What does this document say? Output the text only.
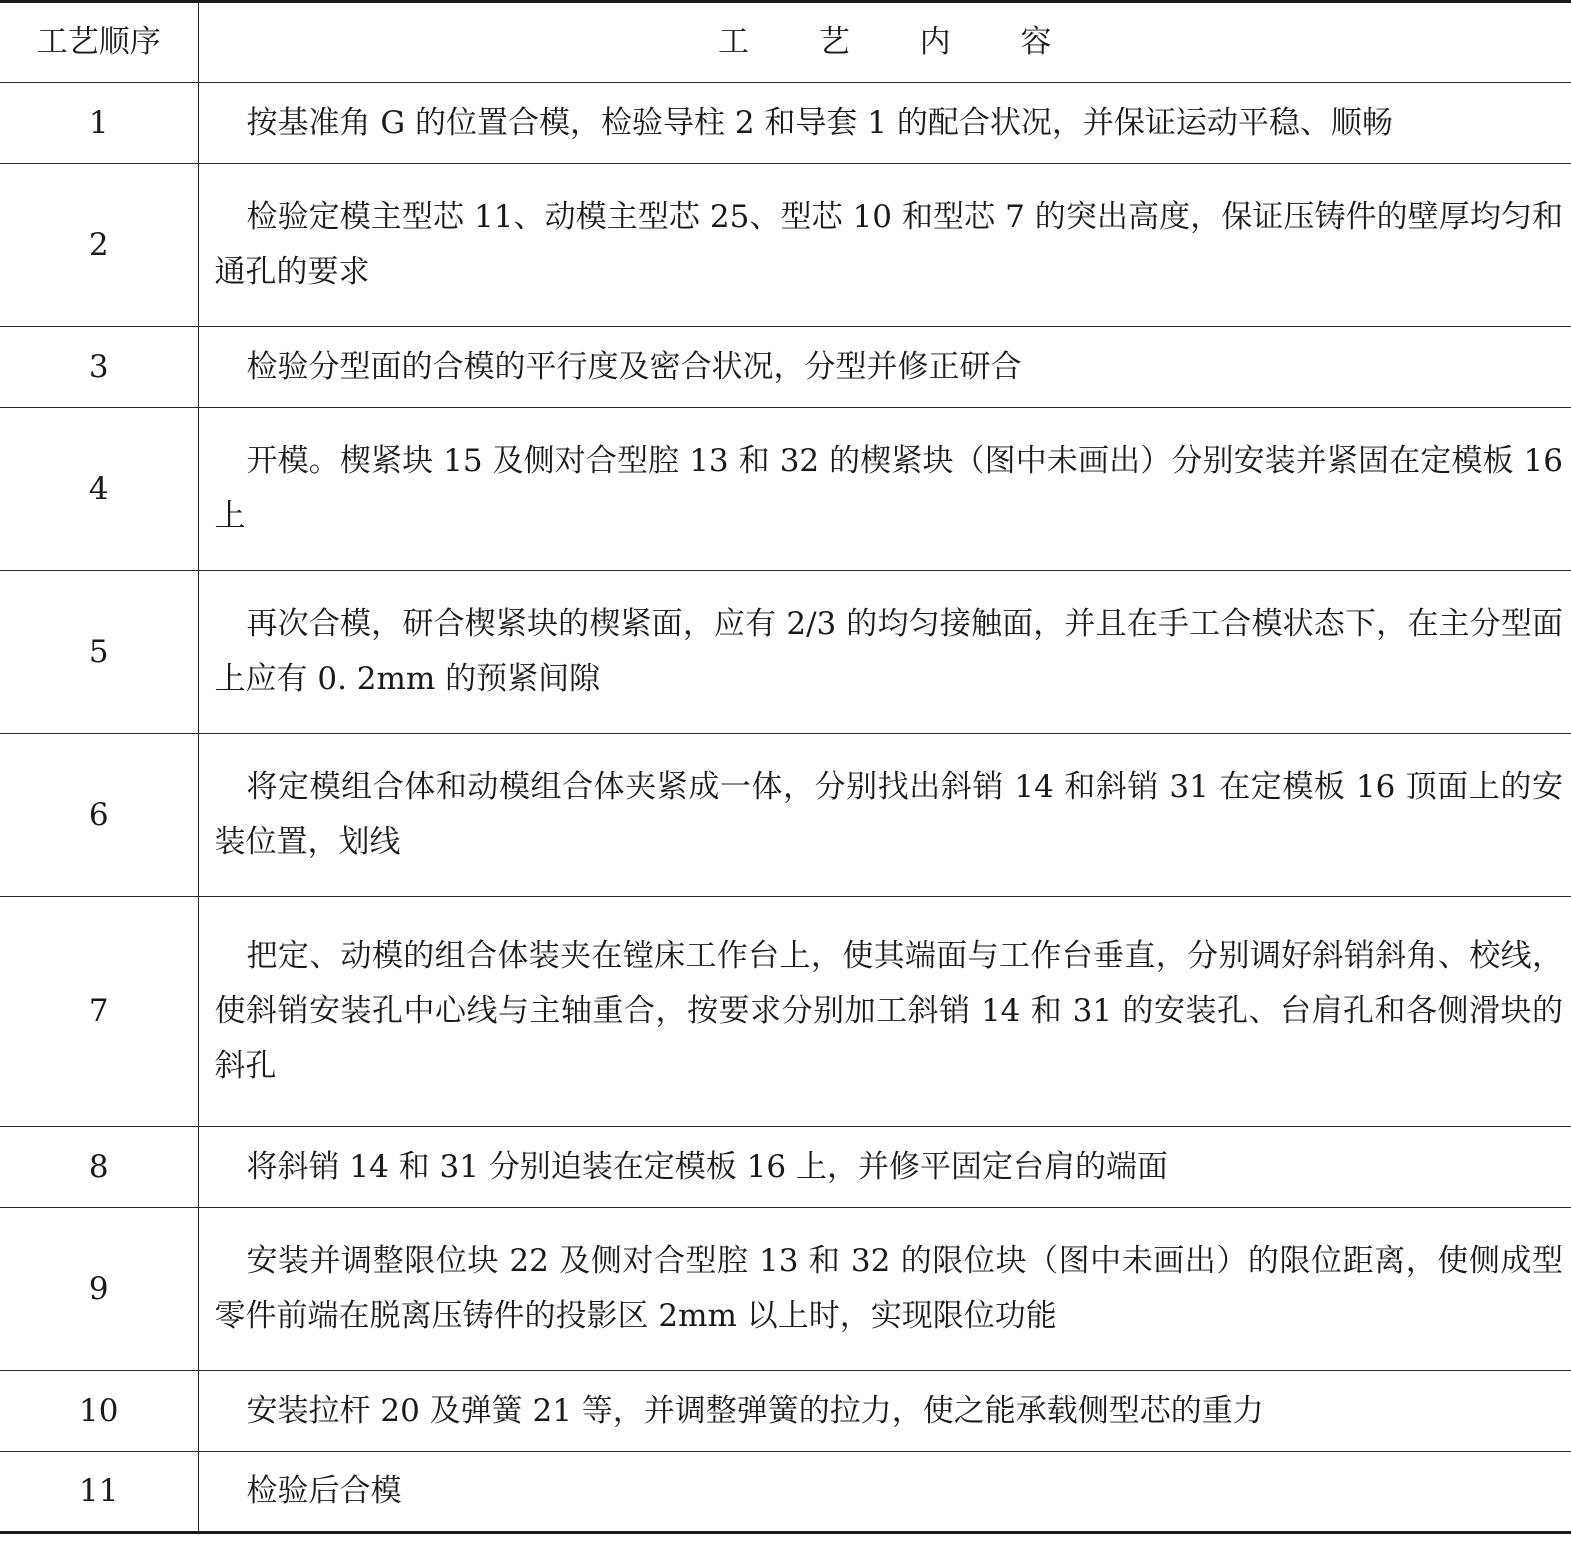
工艺顺序	工 艺 内 容
1	按基准角 G 的位置合模，检验导柱 2 和导套 1 的配合状况，并保证运动平稳、顺畅
2	检验定模主型芯 11、动模主型芯 25、型芯 10 和型芯 7 的突出高度，保证压铸件的壁厚均匀和通孔的要求
3	检验分型面的合模的平行度及密合状况，分型并修正研合
4	开模。楔紧块 15 及侧对合型腔 13 和 32 的楔紧块（图中未画出）分别安装并紧固在定模板 16 上
5	再次合模，研合楔紧块的楔紧面，应有 2/3 的均匀接触面，并且在手工合模状态下，在主分型面上应有 0. 2mm 的预紧间隙
6	将定模组合体和动模组合体夹紧成一体，分别找出斜销 14 和斜销 31 在定模板 16 顶面上的安装位置，划线
7	把定、动模的组合体装夹在镗床工作台上，使其端面与工作台垂直，分别调好斜销斜角、校线，使斜销安装孔中心线与主轴重合，按要求分别加工斜销 14 和 31 的安装孔、台肩孔和各侧滑块的斜孔
8	将斜销 14 和 31 分别迫装在定模板 16 上，并修平固定台肩的端面
9	安装并调整限位块 22 及侧对合型腔 13 和 32 的限位块（图中未画出）的限位距离，使侧成型零件前端在脱离压铸件的投影区 2mm 以上时，实现限位功能
10	安装拉杆 20 及弹簧 21 等，并调整弹簧的拉力，使之能承载侧型芯的重力
11	检验后合模
